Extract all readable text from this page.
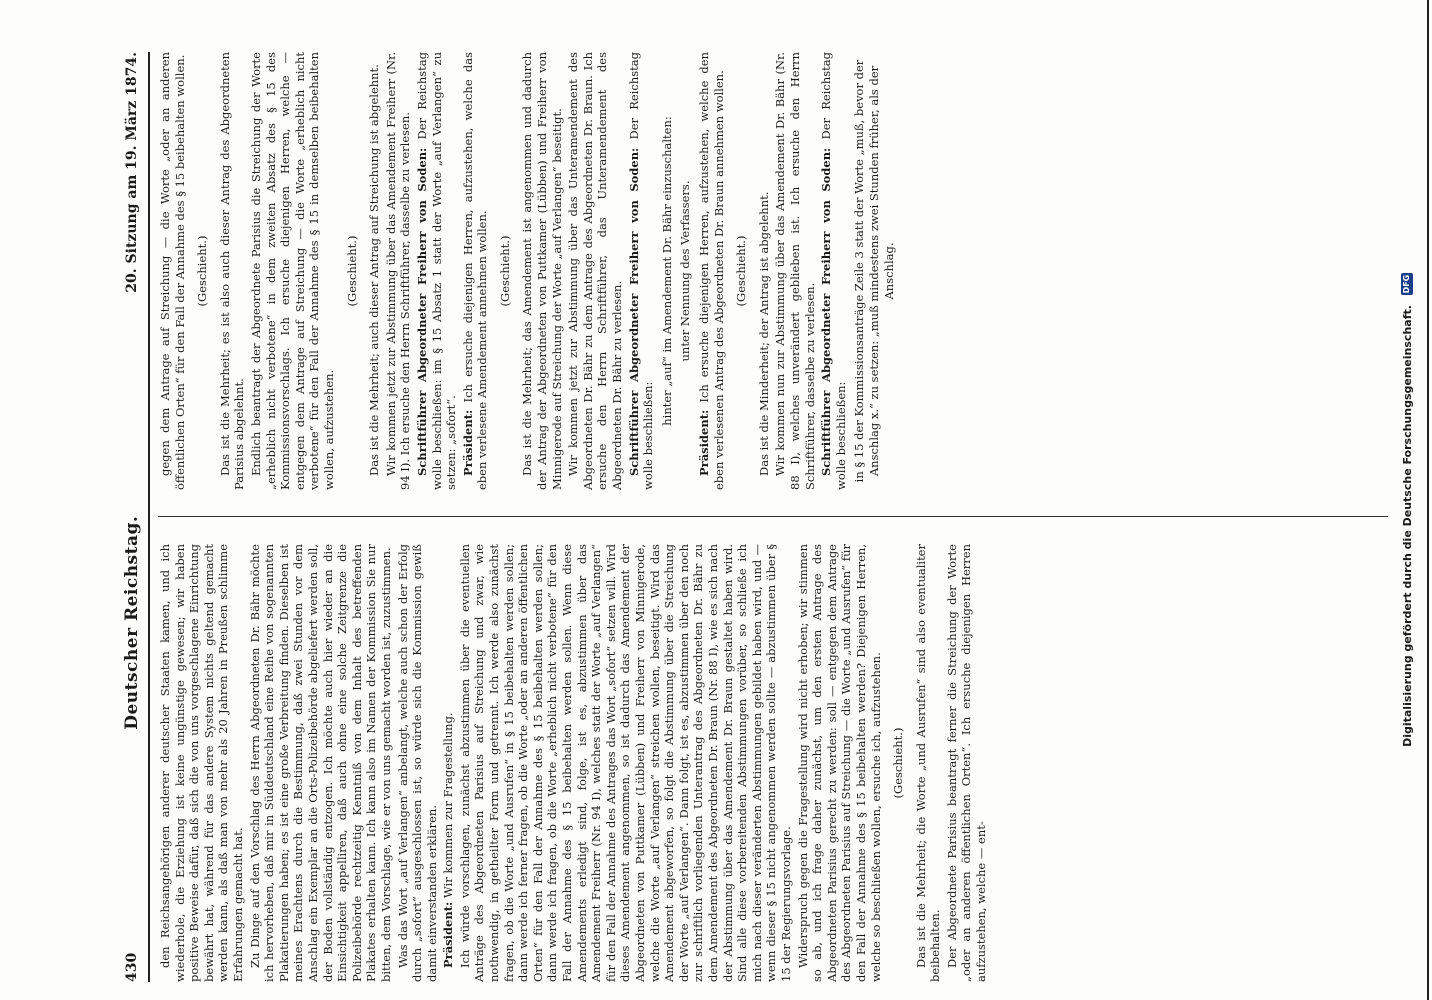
430
Deutscher Reichstag.
20. Sitzung am 19. März 1874.

den Reichsangehörigen anderer deutscher Staaten kamen, und ich wiederhole, die Erziehung ist keine ungünstige gewesen; wir haben positive Beweise dafür, daß sich die von uns vorgeschlagene Einrichtung bewährt hat, während für das andere System nichts geltend gemacht werden kann, als daß man von mehr als 20 Jahren in Preußen schlimme Erfahrungen gemacht hat. Zu Dinge auf den Vorschlag des Herrn Abgeordneten Dr. Bähr möchte ich hervorheben, daß mir in Süddeutschland eine Reihe von sogenannten Plakatierungen haben; es ist eine große Verbreitung finden. Dieselben ist meines Erachtens durch die Bestimmung, daß zwei Stunden vor dem Anschlag ein Exemplar an die Orts-Polizeibehörde abgeliefert werden soll, der Boden vollständig entzogen. Ich möchte auch hier wieder an die Einsichtigkeit appelliren, daß auch ohne eine solche Zeitgrenze die Polizeibehörde rechtzeitig Kenntniß von dem Inhalt des betreffenden Plakates erhalten kann. Ich kann also im Namen der Kommission Sie nur bitten, dem Vorschlage, wie er von uns gemacht worden ist, zuzustimmen. Was das Wort „auf Verlangen“ anbelangt, welche auch schon der Erfolg durch „sofort“ ausgeschlossen ist, so würde sich die Kommission gewiß damit einverstanden erklären. Präsident: Wir kommen zur Fragestellung. Ich würde vorschlagen, zunächst abzustimmen über die eventuellen Anträge des Abgeordneten Parisius auf Streichung und zwar, wie nothwendig, in getheilter Form und getrennt. Ich werde also zunächst fragen, ob die Worte „und Ausrufen“ in § 15 beibehalten werden sollen; dann werde ich ferner fragen, ob die Worte „oder an anderen öffentlichen Orten“ für den Fall der Annahme des § 15 beibehalten werden sollen; dann werde ich fragen, ob die Worte „erheblich nicht verbotene“ für den Fall der Annahme des § 15 beibehalten werden sollen. Wenn diese Amendements erledigt sind, folge, ist es, abzustimmen über das Amendement Freiherr (Nr. 94 I), welches statt der Worte „auf Verlangen“ für den Fall der Annahme des Antrages das Wort „sofort“ setzen will. Wird dieses Amendement angenommen, so ist dadurch das Amendement der Abgeordneten von Puttkamer (Lübben) und Freiherr von Minnigerode, welche die Worte „auf Verlangen“ streichen wollen, beseitigt. Wird das Amendement abgeworfen, so folgt die Abstimmung über die Streichung der Worte „auf Verlangen“. Dann folgt, ist es, abzustimmen über den noch zur schriftlich vorliegenden Unterantrag des Abgeordneten Dr. Bähr zu dem Amendement des Abgeordneten Dr. Braun (Nr. 88 I), wie es sich nach der Abstimmung über das Amendement Dr. Braun gestaltet haben wird. Sind alle diese vorbereitenden Abstimmungen vorüber, so schließe ich mich nach dieser veränderten Abstimmungen gebildet haben wird, und — wenn dieser § 15 nicht angenommen werden sollte — abzustimmen über § 15 der Regierungsvorlage. Widerspruch gegen die Fragestellung wird nicht erhoben; wir stimmen so ab, und ich frage daher zunächst, um den ersten Antrage des Abgeordneten Parisius gerecht zu werden: soll — entgegen dem Antrage des Abgeordneten Parisius auf Streichung — die Worte „und Ausrufen“ für den Fall der Annahme des § 15 beibehalten werden? Diejenigen Herren, welche so beschließen wollen, ersuche ich, aufzustehen. (Geschieht.) Das ist die Mehrheit; die Worte „und Ausrufen“ sind also eventualiter beibehalten. Der Abgeordnete Parisius beantragt ferner die Streichung der Worte „oder an anderen öffentlichen Orten“. Ich ersuche diejenigen Herren aufzustehen, welche — ent-

gegen dem Antrage auf Streichung — die Worte „oder an anderen öffentlichen Orten“ für den Fall der Annahme des § 15 beibehalten wollen. (Geschieht.) Das ist die Mehrheit; es ist also auch dieser Antrag des Abgeordneten Parisius abgelehnt. Endlich beantragt der Abgeordnete Parisius die Streichung der Worte „erheblich nicht verbotene“ in dem zweiten Absatz des § 15 des Kommissionsvorschlags. Ich ersuche diejenigen Herren, welche — entgegen dem Antrage auf Streichung — die Worte „erheblich nicht verbotene“ für den Fall der Annahme des § 15 in demselben beibehalten wollen, aufzustehen.

(Geschieht.) Das ist die Mehrheit; auch dieser Antrag auf Streichung ist abgelehnt. Wir kommen jetzt zur Abstimmung über das Amendement Freiherr (Nr. 94 I). Ich ersuche den Herrn Schriftführer, dasselbe zu verlesen. Schriftführer Abgeordneter Freiherr von Soden: Der Reichstag wolle beschließen: im § 15 Absatz 1 statt der Worte „auf Verlangen“ zu setzen: „sofort“. Präsident: Ich ersuche diejenigen Herren, aufzustehen, welche das eben verlesene Amendement annehmen wollen. (Geschieht.) Das ist die Mehrheit; das Amendement ist angenommen und dadurch der Antrag der Abgeordneten von Puttkamer (Lübben) und Freiherr von Minnigerode auf Streichung der Worte „auf Verlangen“ beseitigt. Wir kommen jetzt zur Abstimmung über das Unteramendement des Abgeordneten Dr. Bähr zu dem Antrage des Abgeordneten Dr. Braun. Ich ersuche den Herrn Schriftführer, das Unteramendement des Abgeordneten Dr. Bähr zu verlesen. Schriftführer Abgeordneter Freiherr von Soden: Der Reichstag wolle beschließen:

hinter „auf“ im Amendement Dr. Bähr einzuschalten: unter Nennung des Verfassers.

Präsident: Ich ersuche diejenigen Herren, aufzustehen, welche den eben verlesenen Antrag des Abgeordneten Dr. Braun annehmen wollen. (Geschieht.) Das ist die Minderheit; der Antrag ist abgelehnt. Wir kommen nun zur Abstimmung über das Amendement Dr. Bähr (Nr. 88 I), welches unverändert geblieben ist. Ich ersuche den Herrn Schriftführer, dasselbe zu verlesen. Schriftführer Abgeordneter Freiherr von Soden: Der Reichstag wolle beschließen: in § 15 der Kommissionsanträge Zeile 3 statt der Worte „muß, bevor der Anschlag x.“ zu setzen: „muß mindestens zwei Stunden früher, als der Anschlag.

Digitalisierung gefördert durch die Deutsche Forschungsgemeinschaft.
DFG
